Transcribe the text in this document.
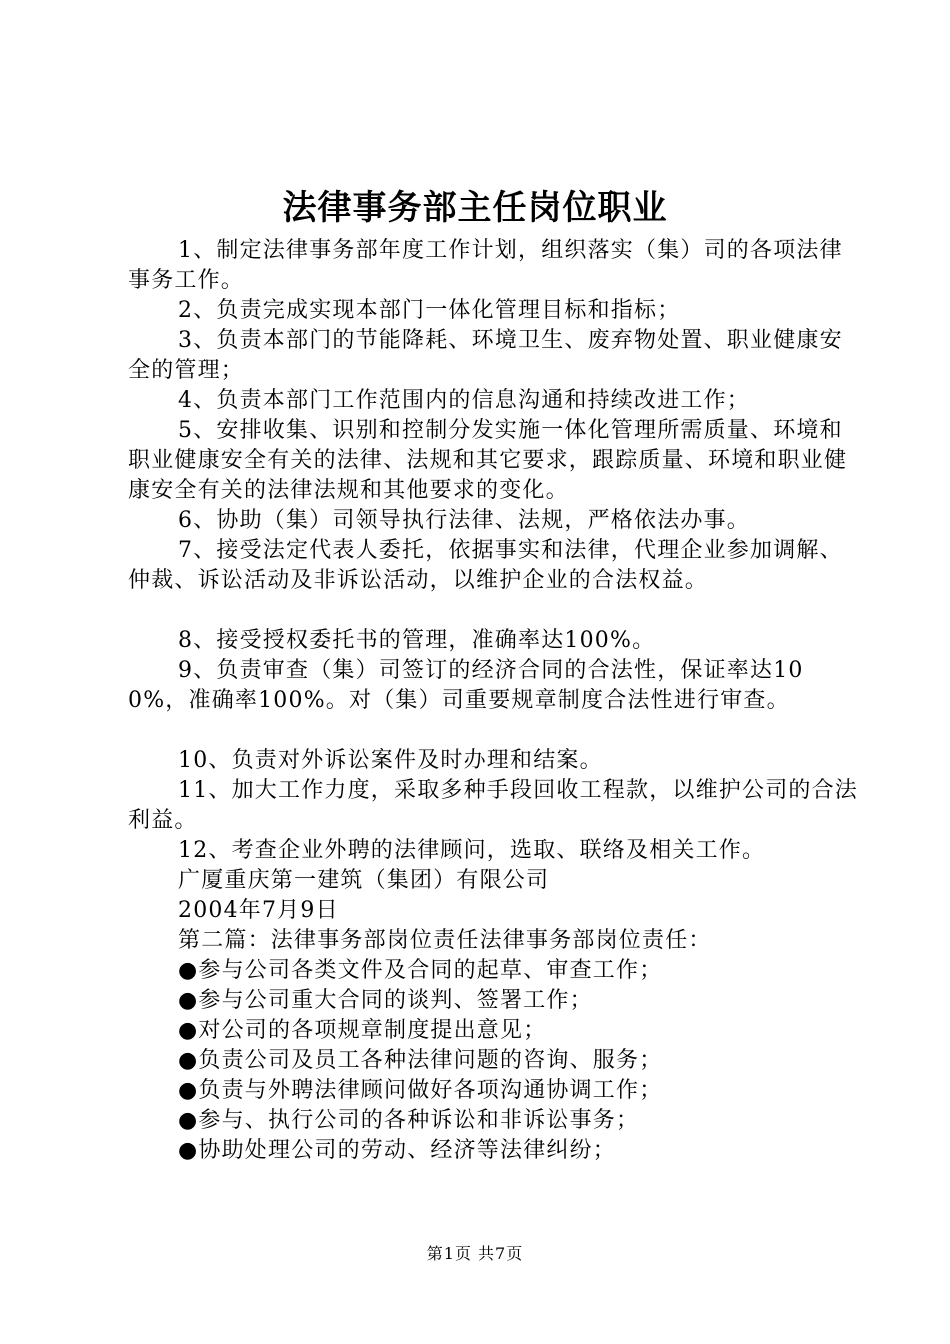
法律事务部主任岗位职业

1、制定法律事务部年度工作计划，组织落实（集）司的各项法律事务工作。

2、负责完成实现本部门一体化管理目标和指标；

3、负责本部门的节能降耗、环境卫生、废弃物处置、职业健康安全的管理；

4、负责本部门工作范围内的信息沟通和持续改进工作；

5、安排收集、识别和控制分发实施一体化管理所需质量、环境和职业健康安全有关的法律、法规和其它要求，跟踪质量、环境和职业健康安全有关的法律法规和其他要求的变化。

6、协助（集）司领导执行法律、法规，严格依法办事。

7、接受法定代表人委托，依据事实和法律，代理企业参加调解、仲裁、诉讼活动及非诉讼活动，以维护企业的合法权益。

8、接受授权委托书的管理，准确率达100%。

9、负责审查（集）司签订的经济合同的合法性，保证率达100%，准确率100%。对（集）司重要规章制度合法性进行审查。

10、负责对外诉讼案件及时办理和结案。

11、加大工作力度，采取多种手段回收工程款，以维护公司的合法利益。

12、考查企业外聘的法律顾问，选取、联络及相关工作。

广厦重庆第一建筑（集团）有限公司

2004年7月9日

第二篇：法律事务部岗位责任法律事务部岗位责任：

●参与公司各类文件及合同的起草、审查工作；
●参与公司重大合同的谈判、签署工作；
●对公司的各项规章制度提出意见；
●负责公司及员工各种法律问题的咨询、服务；
●负责与外聘法律顾问做好各项沟通协调工作；
●参与、执行公司的各种诉讼和非诉讼事务；
●协助处理公司的劳动、经济等法律纠纷；
第1页 共7页
